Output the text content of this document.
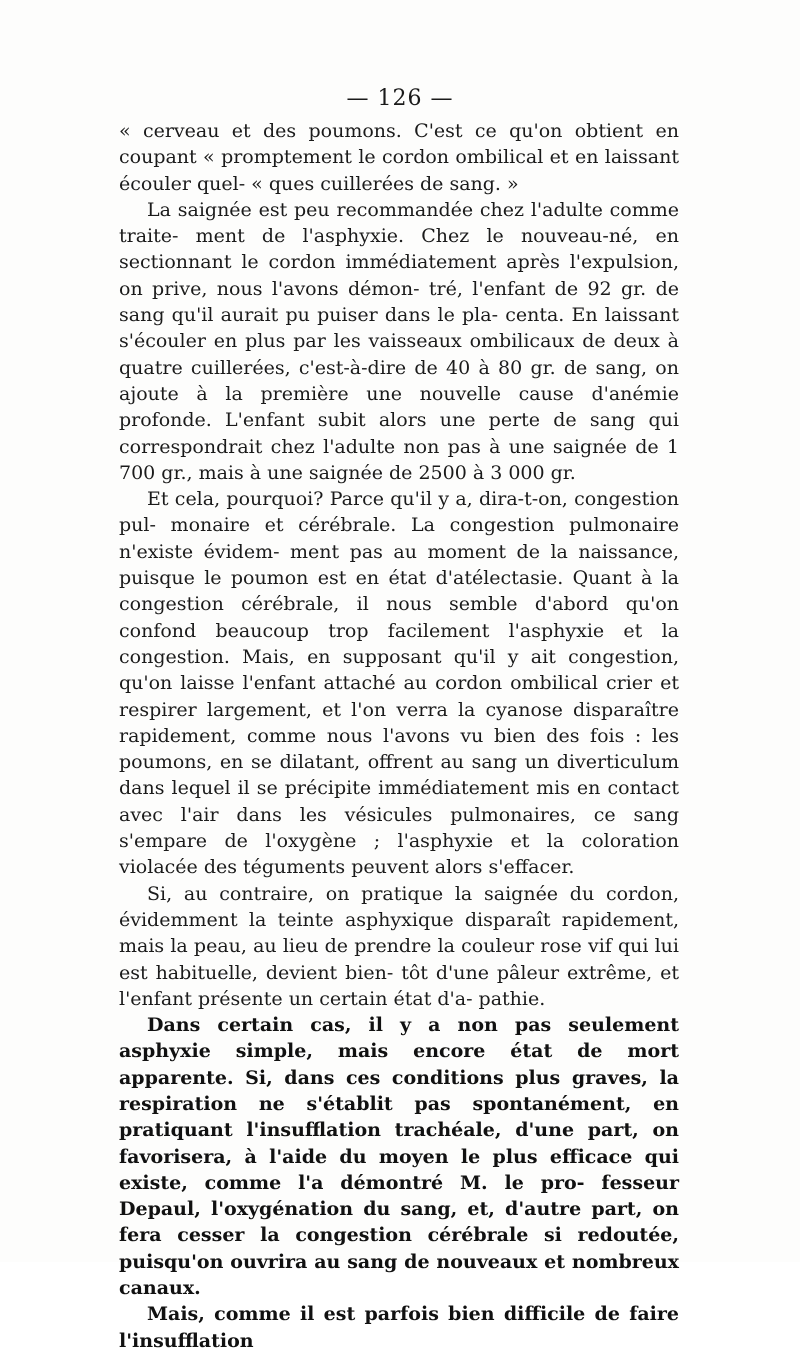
— 126 —

« cerveau et des poumons. C'est ce qu'on obtient en coupant « promptement le cordon ombilical et en laissant écouler quel- « ques cuillerées de sang. »

La saignée est peu recommandée chez l'adulte comme traite- ment de l'asphyxie. Chez le nouveau-né, en sectionnant le cordon immédiatement après l'expulsion, on prive, nous l'avons démon- tré, l'enfant de 92 gr. de sang qu'il aurait pu puiser dans le pla- centa. En laissant s'écouler en plus par les vaisseaux ombilicaux de deux à quatre cuillerées, c'est-à-dire de 40 à 80 gr. de sang, on ajoute à la première une nouvelle cause d'anémie profonde. L'enfant subit alors une perte de sang qui correspondrait chez l'adulte non pas à une saignée de 1 700 gr., mais à une saignée de 2500 à 3 000 gr.

Et cela, pourquoi? Parce qu'il y a, dira-t-on, congestion pul- monaire et cérébrale. La congestion pulmonaire n'existe évidem- ment pas au moment de la naissance, puisque le poumon est en état d'atélectasie. Quant à la congestion cérébrale, il nous semble d'abord qu'on confond beaucoup trop facilement l'asphyxie et la congestion. Mais, en supposant qu'il y ait congestion, qu'on laisse l'enfant attaché au cordon ombilical crier et respirer largement, et l'on verra la cyanose disparaître rapidement, comme nous l'avons vu bien des fois : les poumons, en se dilatant, offrent au sang un diverticulum dans lequel il se précipite immédiatement mis en contact avec l'air dans les vésicules pulmonaires, ce sang s'empare de l'oxygène ; l'asphyxie et la coloration violacée des téguments peuvent alors s'effacer.

Si, au contraire, on pratique la saignée du cordon, évidemment la teinte asphyxique disparaît rapidement, mais la peau, au lieu de prendre la couleur rose vif qui lui est habituelle, devient bien- tôt d'une pâleur extrême, et l'enfant présente un certain état d'a- pathie.

Dans certain cas, il y a non pas seulement asphyxie simple, mais encore état de mort apparente. Si, dans ces conditions plus graves, la respiration ne s'établit pas spontanément, en pratiquant l'insufflation trachéale, d'une part, on favorisera, à l'aide du moyen le plus efficace qui existe, comme l'a démontré M. le pro- fesseur Depaul, l'oxygénation du sang, et, d'autre part, on fera cesser la congestion cérébrale si redoutée, puisqu'on ouvrira au sang de nouveaux et nombreux canaux.

Mais, comme il est parfois bien difficile de faire l'insufflation
